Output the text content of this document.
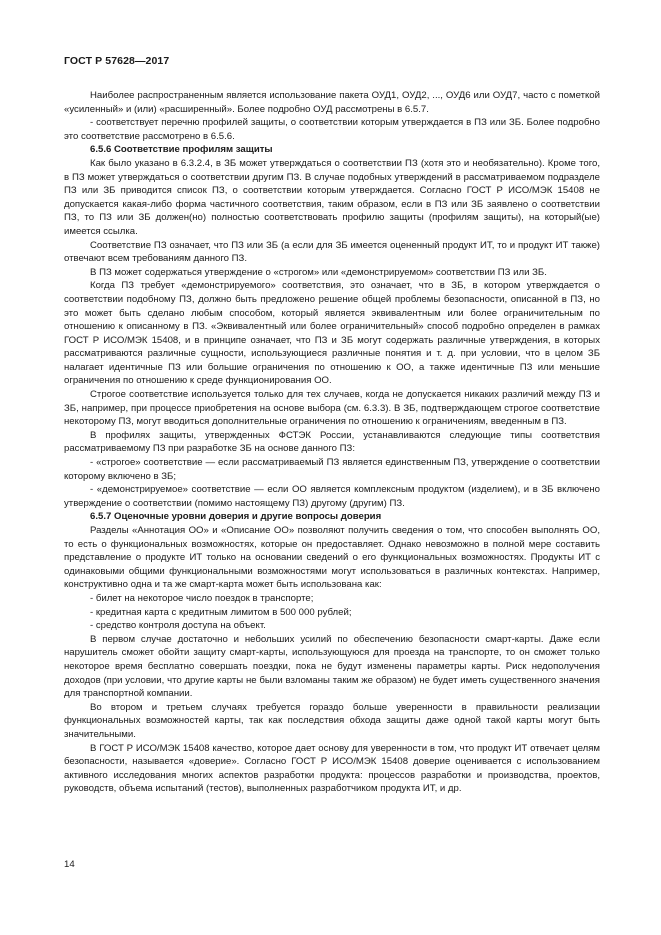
ГОСТ Р 57628—2017

Наиболее распространенным является использование пакета ОУД1, ОУД2, ..., ОУД6 или ОУД7, часто с пометкой «усиленный» и (или) «расширенный». Более подробно ОУД рассмотрены в 6.5.7.

- соответствует перечню профилей защиты, о соответствии которым утверждается в ПЗ или ЗБ. Более подробно это соответствие рассмотрено в 6.5.6.

6.5.6 Соответствие профилям защиты

Как было указано в 6.3.2.4, в ЗБ может утверждаться о соответствии ПЗ (хотя это и необязательно). Кроме того, в ПЗ может утверждаться о соответствии другим ПЗ. В случае подобных утверждений в рассматриваемом подразделе ПЗ или ЗБ приводится список ПЗ, о соответствии которым утверждается. Согласно ГОСТ Р ИСО/МЭК 15408 не допускается какая-либо форма частичного соответствия, таким образом, если в ПЗ или ЗБ заявлено о соответствии ПЗ, то ПЗ или ЗБ должен(но) полностью соответствовать профилю защиты (профилям защиты), на который(ые) имеется ссылка.

Соответствие ПЗ означает, что ПЗ или ЗБ (а если для ЗБ имеется оцененный продукт ИТ, то и продукт ИТ также) отвечают всем требованиям данного ПЗ.

В ПЗ может содержаться утверждение о «строгом» или «демонстрируемом» соответствии ПЗ или ЗБ.

Когда ПЗ требует «демонстрируемого» соответствия, это означает, что в ЗБ, в котором утверждается о соответствии подобному ПЗ, должно быть предложено решение общей проблемы безопасности, описанной в ПЗ, но это может быть сделано любым способом, который является эквивалентным или более ограничительным по отношению к описанному в ПЗ. «Эквивалентный или более ограничительный» способ подробно определен в рамках ГОСТ Р ИСО/МЭК 15408, и в принципе означает, что ПЗ и ЗБ могут содержать различные утверждения, в которых рассматриваются различные сущности, использующиеся различные понятия и т. д. при условии, что в целом ЗБ налагает идентичные ПЗ или большие ограничения по отношению к ОО, а также идентичные ПЗ или меньшие ограничения по отношению к среде функционирования ОО.

Строгое соответствие используется только для тех случаев, когда не допускается никаких различий между ПЗ и ЗБ, например, при процессе приобретения на основе выбора (см. 6.3.3). В ЗБ, подтверждающем строгое соответствие некоторому ПЗ, могут вводиться дополнительные ограничения по отношению к ограничениям, введенным в ПЗ.

В профилях защиты, утвержденных ФСТЭК России, устанавливаются следующие типы соответствия рассматриваемому ПЗ при разработке ЗБ на основе данного ПЗ:

- «строгое» соответствие — если рассматриваемый ПЗ является единственным ПЗ, утверждение о соответствии которому включено в ЗБ;

- «демонстрируемое» соответствие — если ОО является комплексным продуктом (изделием), и в ЗБ включено утверждение о соответствии (помимо настоящему ПЗ) другому (другим) ПЗ.

6.5.7 Оценочные уровни доверия и другие вопросы доверия

Разделы «Аннотация ОО» и «Описание ОО» позволяют получить сведения о том, что способен выполнять ОО, то есть о функциональных возможностях, которые он предоставляет. Однако невозможно в полной мере составить представление о продукте ИТ только на основании сведений о его функциональных возможностях. Продукты ИТ с одинаковыми общими функциональными возможностями могут использоваться в различных контекстах. Например, конструктивно одна и та же смарт-карта может быть использована как:

- билет на некоторое число поездок в транспорте;

- кредитная карта с кредитным лимитом в 500 000 рублей;

- средство контроля доступа на объект.

В первом случае достаточно и небольших усилий по обеспечению безопасности смарт-карты. Даже если нарушитель сможет обойти защиту смарт-карты, использующуюся для проезда на транспорте, то он сможет только некоторое время бесплатно совершать поездки, пока не будут изменены параметры карты. Риск недополучения доходов (при условии, что другие карты не были взломаны таким же образом) не будет иметь существенного значения для транспортной компании.

Во втором и третьем случаях требуется гораздо больше уверенности в правильности реализации функциональных возможностей карты, так как последствия обхода защиты даже одной такой карты могут быть значительными.

В ГОСТ Р ИСО/МЭК 15408 качество, которое дает основу для уверенности в том, что продукт ИТ отвечает целям безопасности, называется «доверие». Согласно ГОСТ Р ИСО/МЭК 15408 доверие оценивается с использованием активного исследования многих аспектов разработки продукта: процессов разработки и производства, проектов, руководств, объема испытаний (тестов), выполненных разработчиком продукта ИТ, и др.

14
